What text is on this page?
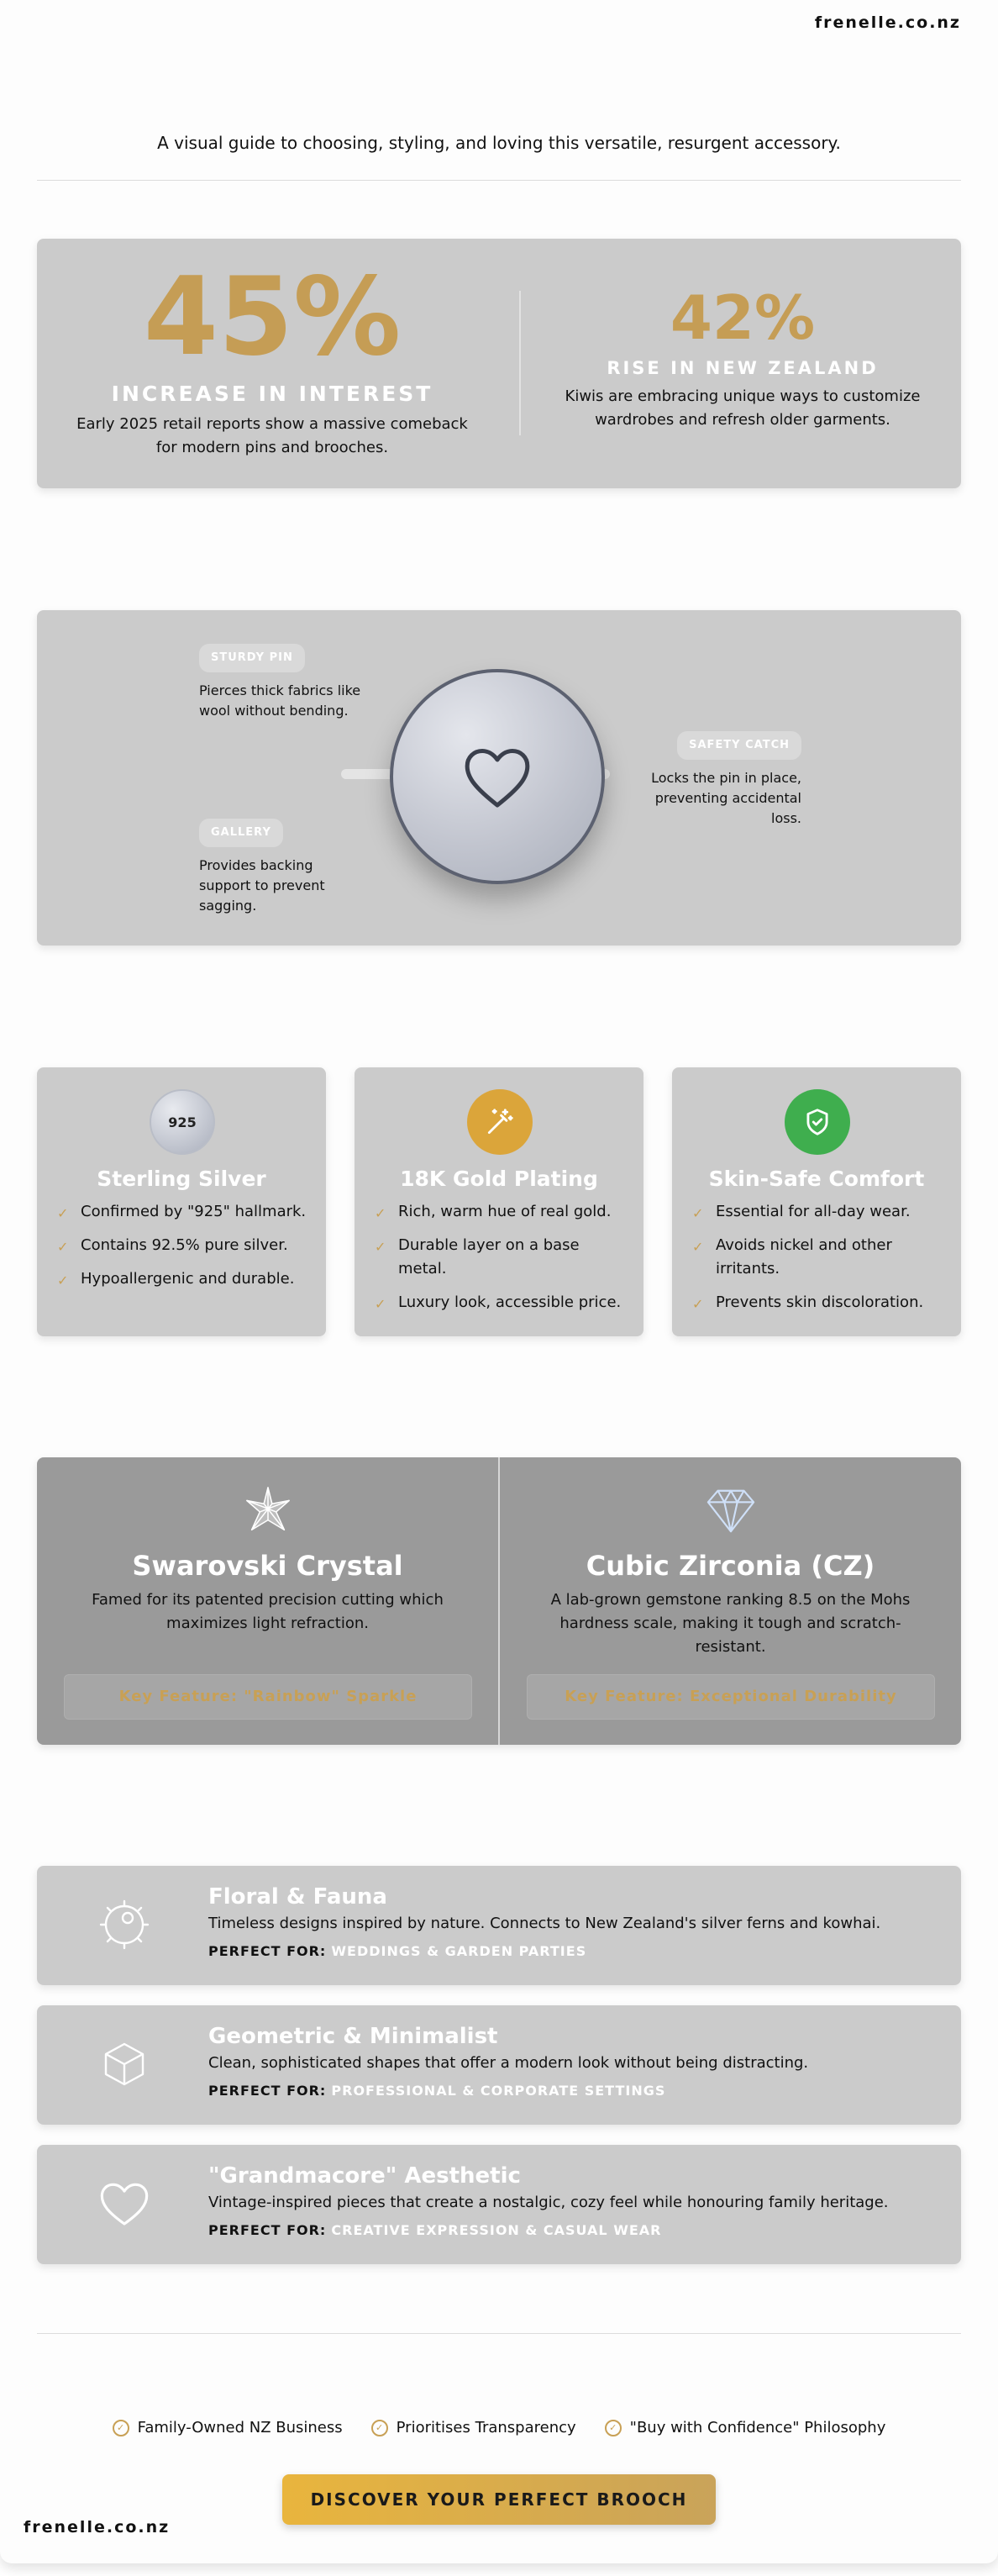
frenelle.co.nz
A visual guide to choosing, styling, and loving this versatile, resurgent accessory.
45%
INCREASE IN INTEREST
Early 2025 retail reports show a massive comeback for modern pins and brooches.
42%
RISE IN NEW ZEALAND
Kiwis are embracing unique ways to customize wardrobes and refresh older garments.
STURDY PIN

Pierces thick fabrics like wool without bending.

GALLERY

Provides backing support to prevent sagging.

SAFETY CATCH

Locks the pin in place, preventing accidental loss.

925
Sterling Silver
✓ Confirmed by "925" hallmark.
✓ Contains 92.5% pure silver.
✓ Hypoallergenic and durable.
18K Gold Plating
✓ Rich, warm hue of real gold.
✓ Durable layer on a base metal.
✓ Luxury look, accessible price.
Skin-Safe Comfort
✓ Essential for all-day wear.
✓ Avoids nickel and other irritants.
✓ Prevents skin discoloration.
Swarovski Crystal
Famed for its patented precision cutting which maximizes light refraction.
Key Feature: "Rainbow" Sparkle
Cubic Zirconia (CZ)
A lab-grown gemstone ranking 8.5 on the Mohs hardness scale, making it tough and scratch-resistant.
Key Feature: Exceptional Durability
Floral & Fauna
Timeless designs inspired by nature. Connects to New Zealand's silver ferns and kowhai.
PERFECT FOR: WEDDINGS & GARDEN PARTIES
Geometric & Minimalist
Clean, sophisticated shapes that offer a modern look without being distracting.
PERFECT FOR: PROFESSIONAL & CORPORATE SETTINGS
"Grandmacore" Aesthetic
Vintage-inspired pieces that create a nostalgic, cozy feel while honouring family heritage.
PERFECT FOR: CREATIVE EXPRESSION & CASUAL WEAR
✓ Family-Owned NZ Business	✓ Prioritises Transparency	✓ "Buy with Confidence" Philosophy
DISCOVER YOUR PERFECT BROOCH
frenelle.co.nz
